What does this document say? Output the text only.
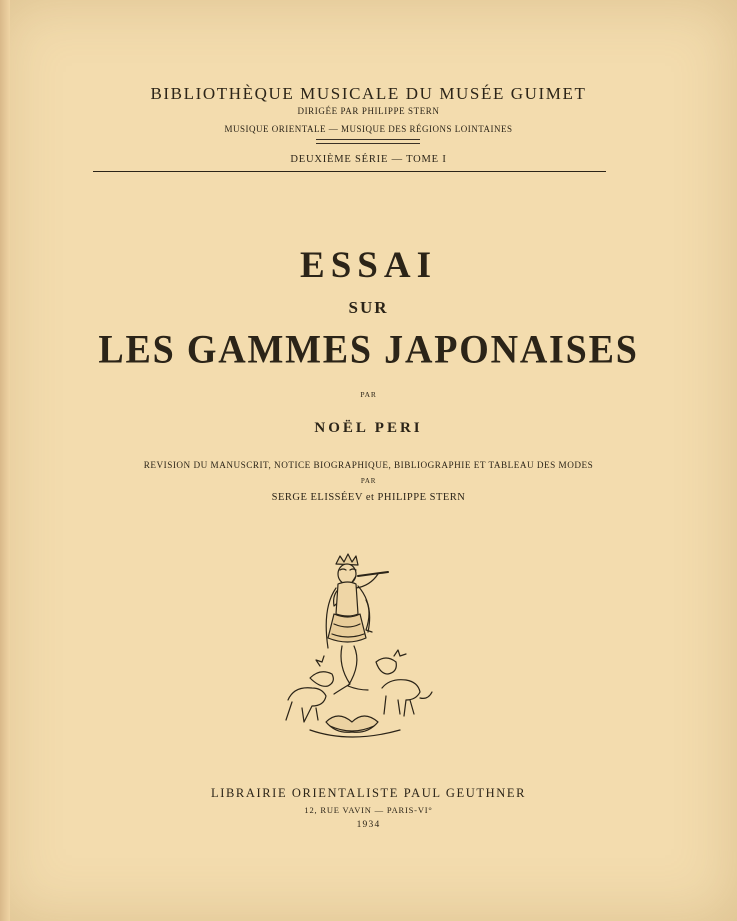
BIBLIOTHÈQUE MUSICALE DU MUSÉE GUIMET
DIRIGÉE PAR PHILIPPE STERN
MUSIQUE ORIENTALE — MUSIQUE DES RÉGIONS LOINTAINES
DEUXIÈME SÉRIE — TOME I
ESSAI
SUR
LES GAMMES JAPONAISES
PAR
NOËL PERI
REVISION DU MANUSCRIT, NOTICE BIOGRAPHIQUE, BIBLIOGRAPHIE ET TABLEAU DES MODES
PAR
SERGE ELISSÉEV et PHILIPPE STERN
LIBRAIRIE ORIENTALISTE PAUL GEUTHNER
12, RUE VAVIN — PARIS-VI°
1934
